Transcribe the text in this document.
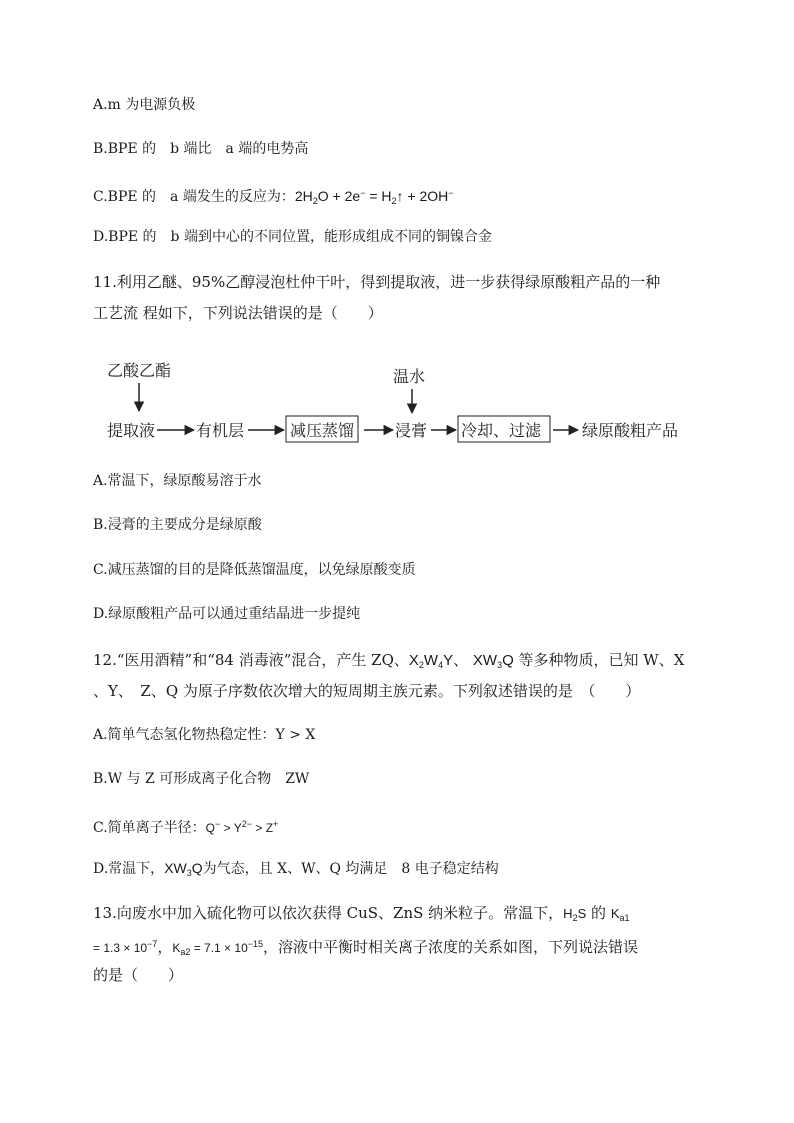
A.m 为电源负极
B.BPE 的　b 端比　a 端的电势高
C.BPE 的　a 端发生的反应为：$2H_2O + 2e^-$ = $H_2↑ + 2OH^-$
D.BPE 的　b 端到中心的不同位置，能形成组成不同的铜镍合金
11.利用乙醚、95%乙醇浸泡杜仲干叶，得到提取液，进一步获得绿原酸粗产品的一种
工艺流 程如下，下列说法错误的是（　　）
乙酸乙酯	温水
提取液	有机层	减压蒸馏	浸膏 冷却、过滤	绿原酸粗产品
A.常温下，绿原酸易溶于水
B.浸膏的主要成分是绿原酸
C.减压蒸馏的目的是降低蒸馏温度，以免绿原酸变质
D.绿原酸粗产品可以通过重结晶进一步提纯
12.“医用酒精”和“84 消毒液”混合，产生 ZQ、$X_2W_4Y$、 $XW_3Q$ 等多种物质，已知 W、X
、Y、　Z、Q 为原子序数依次增大的短周期主族元素。下列叙述错误的是　（　　）
A.简单气态氢化物热稳定性：Y > X
B.W 与 Z 可形成离子化合物　ZW
C.简单离子半径：$Q^- > Y^{2-} > Z^+$
D.常温下，$XW_3Q$为气态，且 X、W、Q 均满足　8 电子稳定结构
13.向废水中加入硫化物可以依次获得 CuS、ZnS 纳米粒子。常温下，$H_2S$ 的 $K_{a1}$
= $1.3 \times 10^{-7}$，$K_{a2} = 7.1 \times 10^{-15}$，溶液中平衡时相关离子浓度的关系如图，下列说法错误
的是（　　）
